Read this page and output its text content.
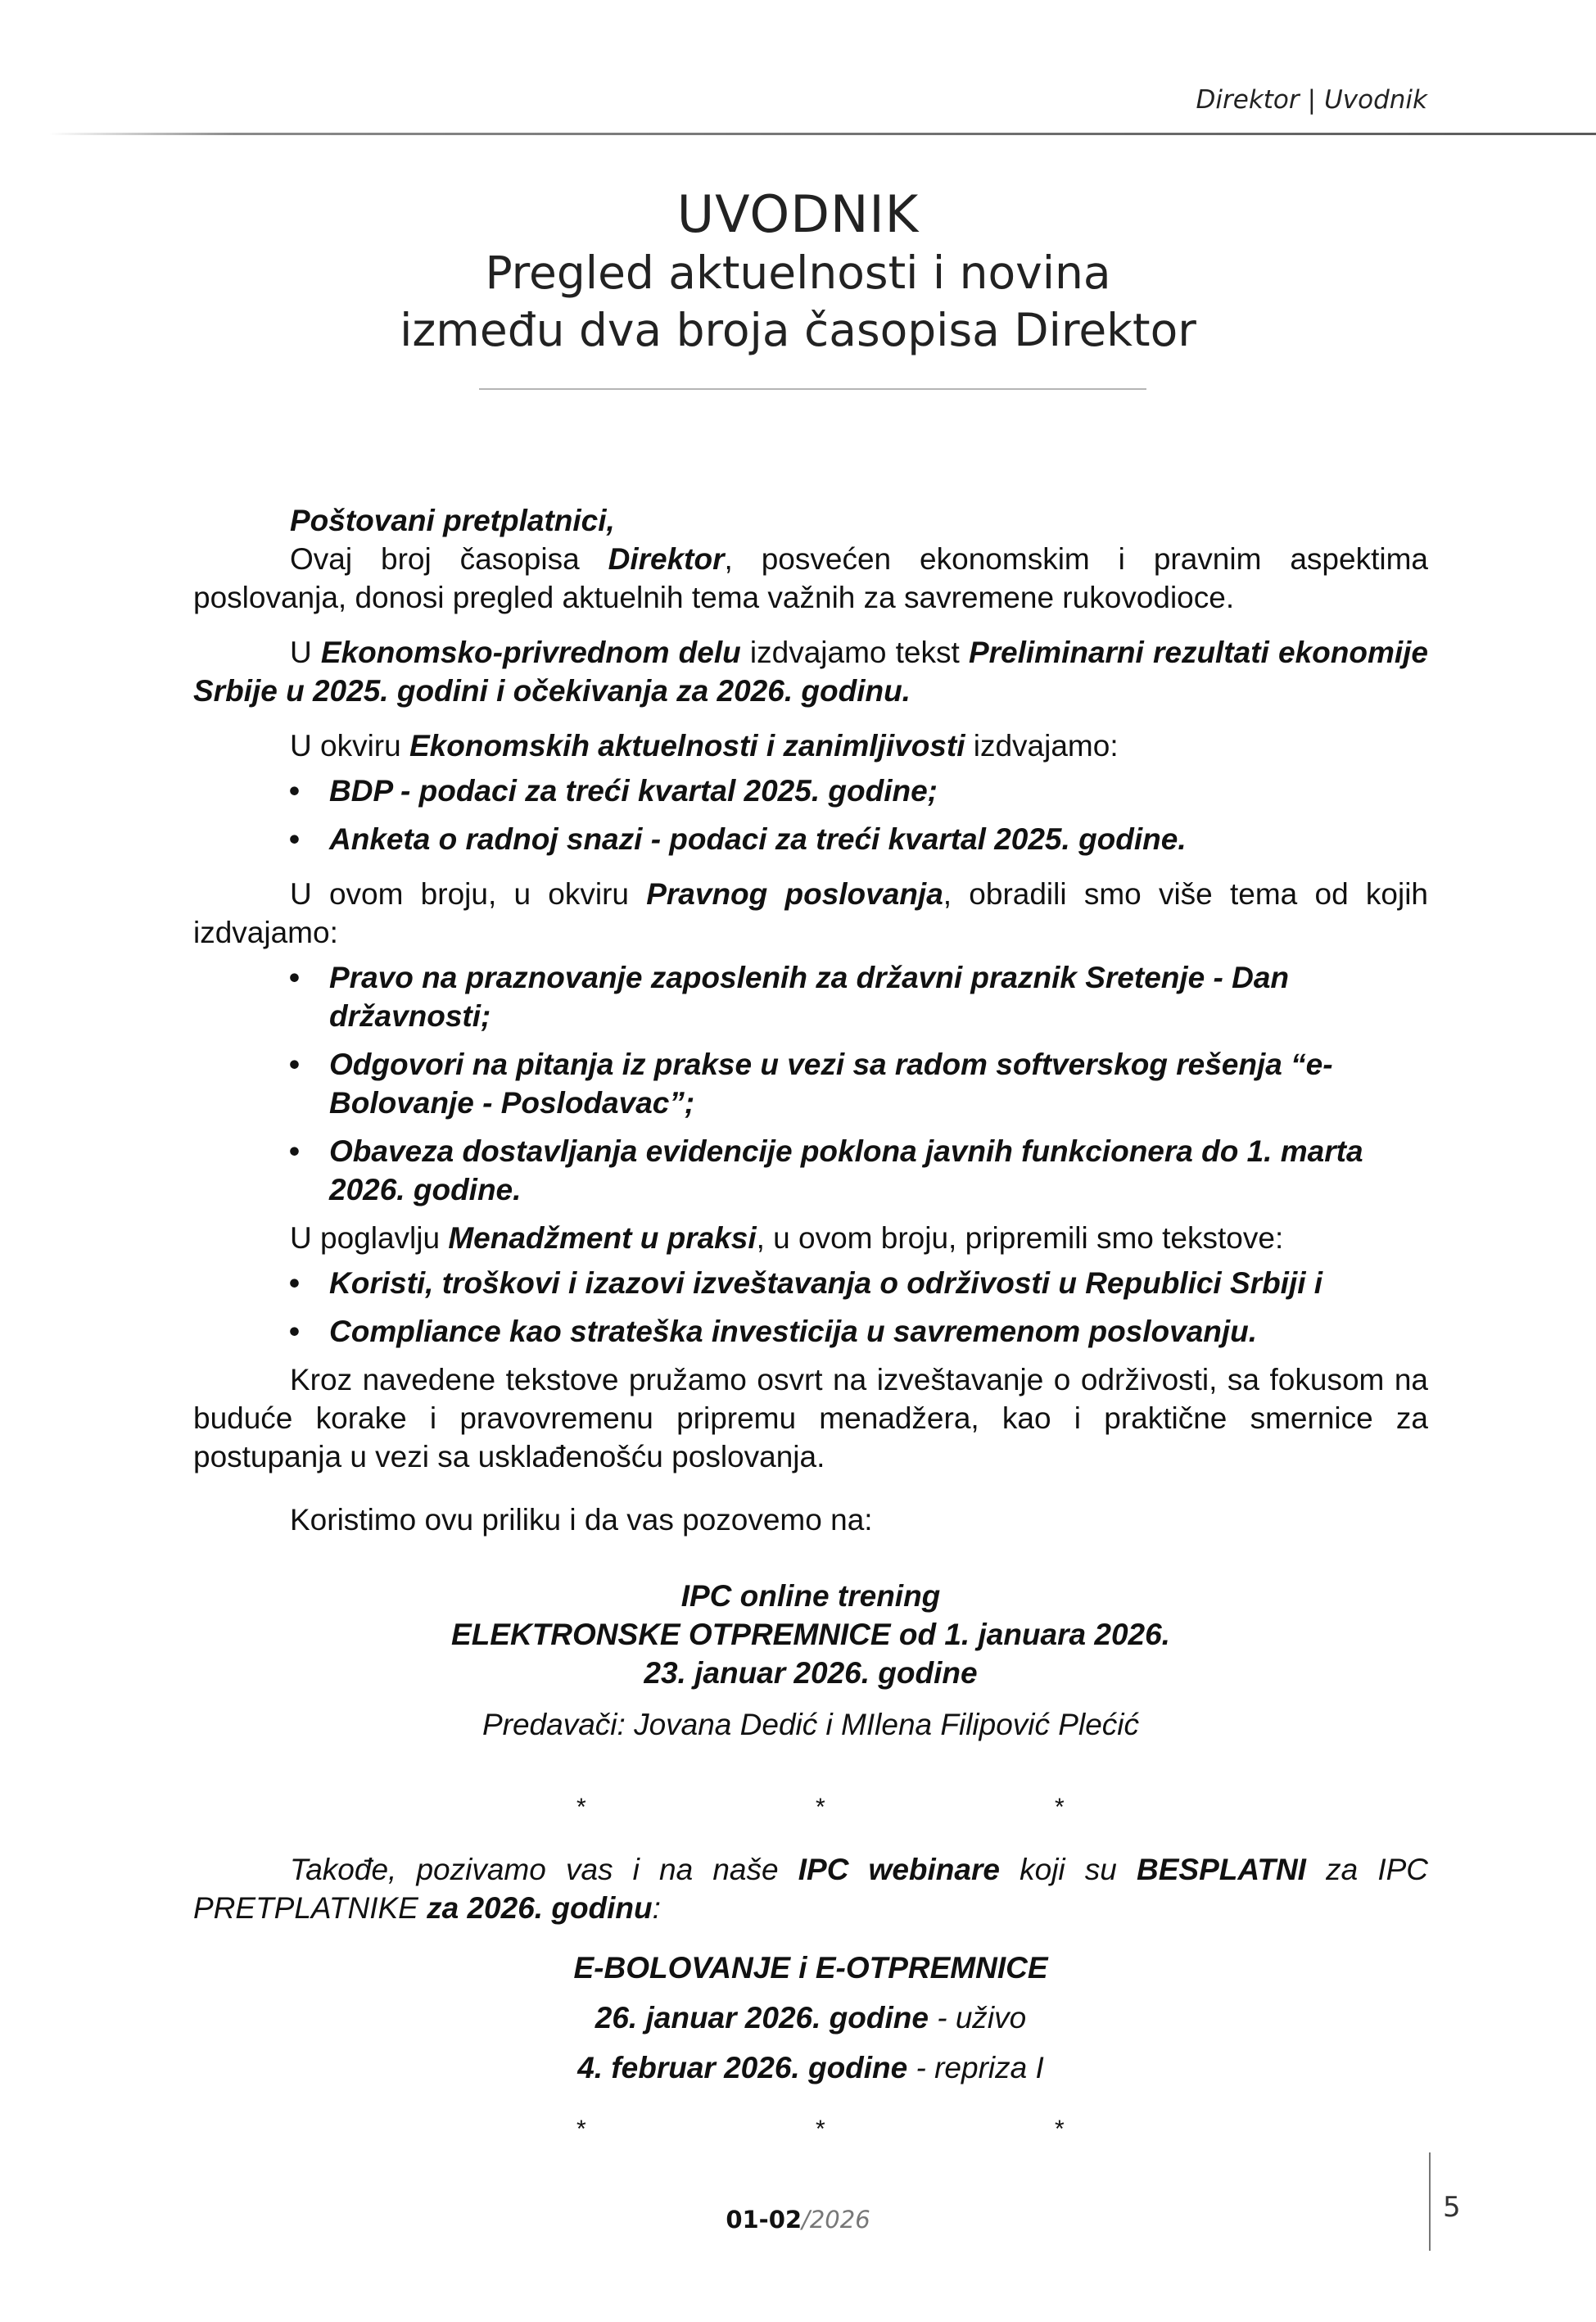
Direktor | Uvodnik
UVODNIK
Pregled aktuelnosti i novina
između dva broja časopisa Direktor

Poštovani pretplatnici,

Ovaj broj časopisa Direktor, posvećen ekonomskim i pravnim aspektima poslovanja, donosi pregled aktuelnih tema važnih za savremene rukovodioce.

U Ekonomsko-privrednom delu izdvajamo tekst Preliminarni rezultati ekonomije Srbije u 2025. godini i očekivanja za 2026. godinu.

U okviru Ekonomskih aktuelnosti i zanimljivosti izdvajamo:

• BDP - podaci za treći kvartal 2025. godine;
• Anketa o radnoj snazi - podaci za treći kvartal 2025. godine.

U ovom broju, u okviru Pravnog poslovanja, obradili smo više tema od kojih izdvajamo:

• Pravo na praznovanje zaposlenih za državni praznik Sretenje - Dan državnosti;
• Odgovori na pitanja iz prakse u vezi sa radom softverskog rešenja “e-Bolovanje - Poslodavac”;
• Obaveza dostavljanja evidencije poklona javnih funkcionera do 1. marta 2026. godine.

U poglavlju Menadžment u praksi, u ovom broju, pripremili smo tekstove:

• Koristi, troškovi i izazovi izveštavanja o održivosti u Republici Srbiji i
• Compliance kao strateška investicija u savremenom poslovanju.

Kroz navedene tekstove pružamo osvrt na izveštavanje o održivosti, sa fokusom na buduće korake i pravovremenu pripremu menadžera, kao i praktične smernice za postupanja u vezi sa usklađenošću poslovanja.

Koristimo ovu priliku i da vas pozovemo na:

IPC online trening
ELEKTRONSKE OTPREMNICE od 1. januara 2026.
23. januar 2026. godine
Predavači: Jovana Dedić i MIlena Filipović Plećić
*	*	*

Takođe, pozivamo vas i na naše IPC webinare koji su BESPLATNI za IPC PRETPLATNIKE za 2026. godinu:

E-BOLOVANJE i E-OTPREMNICE
26. januar 2026. godine - uživo
4. februar 2026. godine - repriza I
*	*	*
01-02/2026	5
